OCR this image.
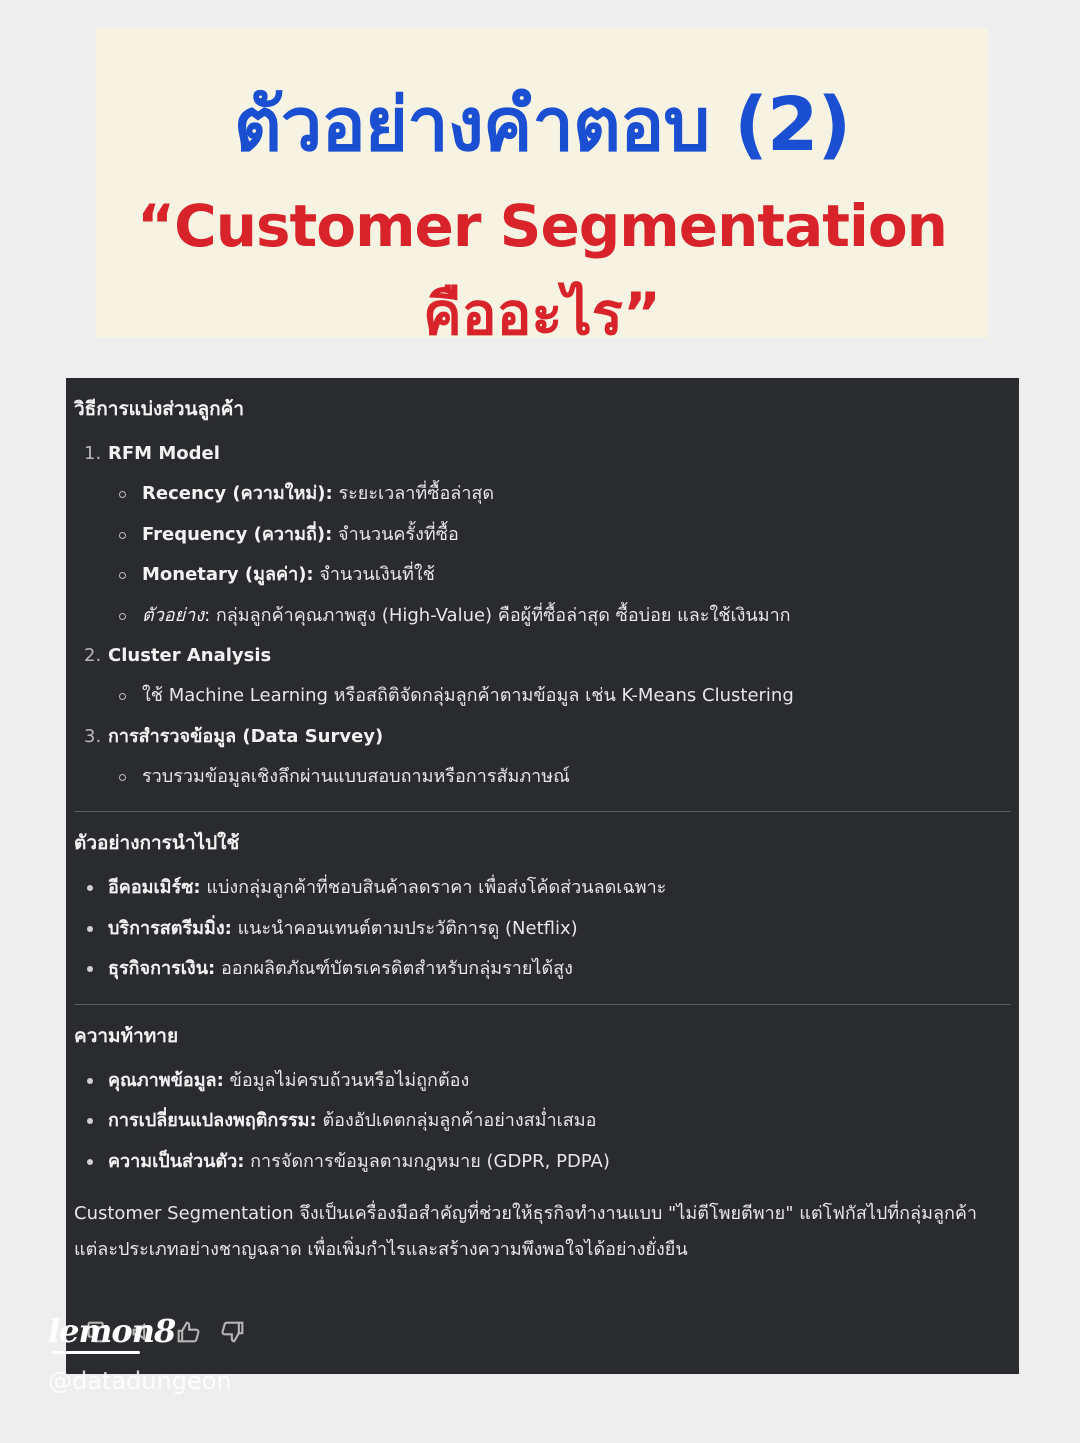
ตัวอย่างคำตอบ (2)
“Customer Segmentation
คืออะไร”
วิธีการแบ่งส่วนลูกค้า
1. RFM Model
Recency (ความใหม่): ระยะเวลาที่ซื้อล่าสุด
Frequency (ความถี่): จำนวนครั้งที่ซื้อ
Monetary (มูลค่า): จำนวนเงินที่ใช้
ตัวอย่าง: กลุ่มลูกค้าคุณภาพสูง (High-Value) คือผู้ที่ซื้อล่าสุด ซื้อบ่อย และใช้เงินมาก
2. Cluster Analysis
ใช้ Machine Learning หรือสถิติจัดกลุ่มลูกค้าตามข้อมูล เช่น K-Means Clustering
3. การสำรวจข้อมูล (Data Survey)
รวบรวมข้อมูลเชิงลึกผ่านแบบสอบถามหรือการสัมภาษณ์
ตัวอย่างการนำไปใช้
อีคอมเมิร์ซ: แบ่งกลุ่มลูกค้าที่ชอบสินค้าลดราคา เพื่อส่งโค้ดส่วนลดเฉพาะ
บริการสตรีมมิ่ง: แนะนำคอนเทนต์ตามประวัติการดู (Netflix)
ธุรกิจการเงิน: ออกผลิตภัณฑ์บัตรเครดิตสำหรับกลุ่มรายได้สูง
ความท้าทาย
คุณภาพข้อมูล: ข้อมูลไม่ครบถ้วนหรือไม่ถูกต้อง
การเปลี่ยนแปลงพฤติกรรม: ต้องอัปเดตกลุ่มลูกค้าอย่างสม่ำเสมอ
ความเป็นส่วนตัว: การจัดการข้อมูลตามกฎหมาย (GDPR, PDPA)
Customer Segmentation จึงเป็นเครื่องมือสำคัญที่ช่วยให้ธุรกิจทำงานแบบ "ไม่ตีโพยตีพาย" แต่โฟกัสไปที่กลุ่มลูกค้าแต่ละประเภทอย่างชาญฉลาด เพื่อเพิ่มกำไรและสร้างความพึงพอใจได้อย่างยั่งยืน

lemon8
@datadungeon
